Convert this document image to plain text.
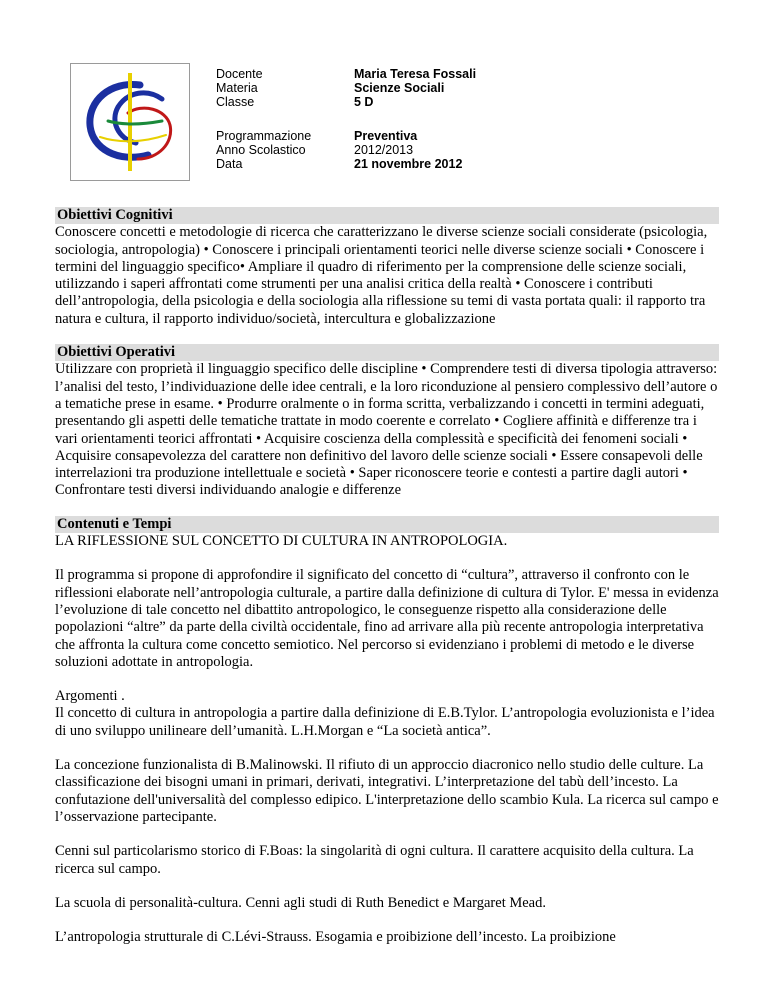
Docente
Materia
Classe
Programmazione
Anno Scolastico
Data
Maria Teresa Fossali
Scienze Sociali
5 D
Preventiva
2012/2013
21 novembre 2012

Obiettivi Cognitivi

Conoscere concetti e metodologie di ricerca che caratterizzano le diverse scienze sociali considerate (psicologia, sociologia, antropologia) • Conoscere i principali orientamenti teorici nelle diverse scienze sociali • Conoscere i termini del linguaggio specifico• Ampliare il quadro di riferimento per la comprensione delle scienze sociali, utilizzando i saperi affrontati come strumenti per una analisi critica della realtà • Conoscere i contributi dell’antropologia, della psicologia e della sociologia alla riflessione su temi di vasta portata quali: il rapporto tra natura e cultura, il rapporto individuo/società, intercultura e globalizzazione

Obiettivi Operativi

Utilizzare con proprietà il linguaggio specifico delle discipline • Comprendere testi di diversa tipologia attraverso: l’analisi del testo, l’individuazione delle idee centrali, e la loro riconduzione al pensiero complessivo dell’autore o a tematiche prese in esame. • Produrre oralmente o in forma scritta, verbalizzando i concetti in termini adeguati, presentando gli aspetti delle tematiche trattate in modo coerente e correlato • Cogliere affinità e differenze tra i vari orientamenti teorici affrontati • Acquisire coscienza della complessità e specificità dei fenomeni sociali • Acquisire consapevolezza del carattere non definitivo del lavoro delle scienze sociali • Essere consapevoli delle interrelazioni tra produzione intellettuale e società • Saper riconoscere teorie e contesti a partire dagli autori • Confrontare testi diversi individuando analogie e differenze

Contenuti e Tempi

LA RIFLESSIONE SUL CONCETTO DI CULTURA IN ANTROPOLOGIA.

Il programma si propone di approfondire il significato del concetto di “cultura”, attraverso il confronto con le riflessioni elaborate nell’antropologia culturale, a partire dalla definizione di cultura di Tylor. E' messa in evidenza l’evoluzione di tale concetto nel dibattito antropologico, le conseguenze rispetto alla considerazione delle popolazioni “altre” da parte della civiltà occidentale, fino ad arrivare alla più recente antropologia interpretativa che affronta la cultura come concetto semiotico. Nel percorso si evidenziano i problemi di metodo e le diverse soluzioni adottate in antropologia.

Argomenti .

Il concetto di cultura in antropologia a partire dalla definizione di E.B.Tylor. L’antropologia evoluzionista e l’idea di uno sviluppo unilineare dell’umanità. L.H.Morgan e “La società antica”.

La concezione funzionalista di B.Malinowski. Il rifiuto di un approccio diacronico nello studio delle culture. La classificazione dei bisogni umani in primari, derivati, integrativi. L’interpretazione del tabù dell’incesto. La confutazione dell'universalità del complesso edipico. L'interpretazione dello scambio Kula. La ricerca sul campo e l’osservazione partecipante.

Cenni sul particolarismo storico di F.Boas: la singolarità di ogni cultura. Il carattere acquisito della cultura. La ricerca sul campo.

La scuola di personalità-cultura. Cenni agli studi di Ruth Benedict e Margaret Mead.

L’antropologia strutturale di C.Lévi-Strauss. Esogamia e proibizione dell’incesto. La proibizione
